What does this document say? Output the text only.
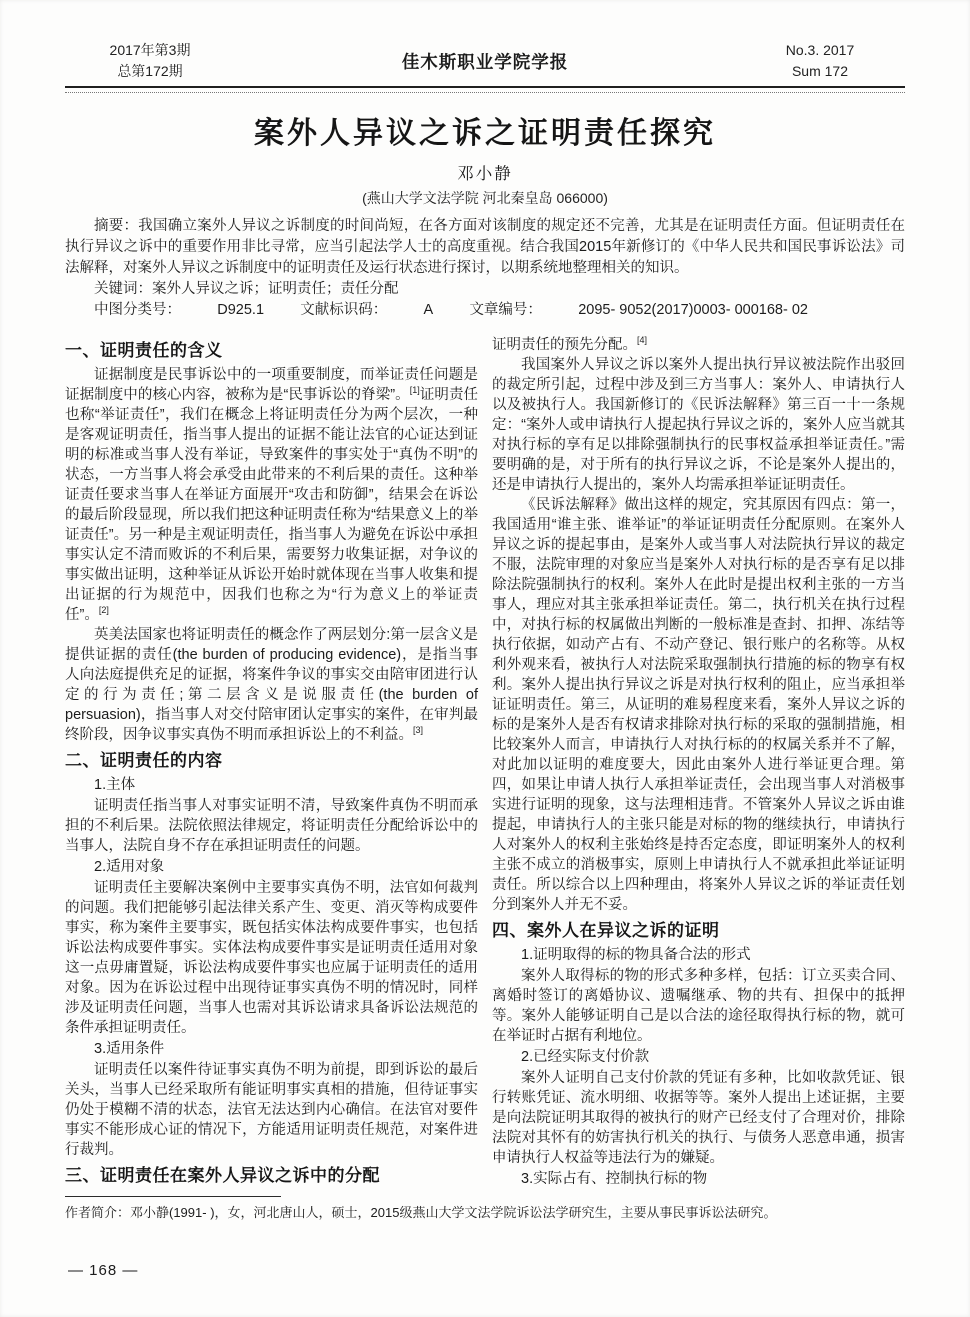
2017年第3期
总第172期	佳木斯职业学院学报
No.3. 2017
Sum 172
案外人异议之诉之证明责任探究
邓小静
(燕山大学文法学院 河北秦皇岛 066000)

摘要：我国确立案外人异议之诉制度的时间尚短，在各方面对该制度的规定还不完善，尤其是在证明责任方面。但证明责任在执行异议之诉中的重要作用非比寻常，应当引起法学人士的高度重视。结合我国2015年新修订的《中华人民共和国民事诉讼法》司法解释，对案外人异议之诉制度中的证明责任及运行状态进行探讨，以期系统地整理相关的知识。

关键词：案外人异议之诉；证明责任；责任分配

中图分类号：	D925.1	文献标识码：	A	文章编号：	2095- 9052(2017)0003- 000168- 02

一、证明责任的含义

证据制度是民事诉讼中的一项重要制度，而举证责任问题是证据制度中的核心内容，被称为是“民事诉讼的脊梁”。[1]证明责任也称“举证责任”，我们在概念上将证明责任分为两个层次，一种是客观证明责任，指当事人提出的证据不能让法官的心证达到证明的标准或当事人没有举证，导致案件的事实处于“真伪不明”的状态，一方当事人将会承受由此带来的不利后果的责任。这种举证责任要求当事人在举证方面展开“攻击和防御”，结果会在诉讼的最后阶段显现，所以我们把这种证明责任称为“结果意义上的举证责任”。另一种是主观证明责任，指当事人为避免在诉讼中承担事实认定不清而败诉的不利后果，需要努力收集证据，对争议的事实做出证明，这种举证从诉讼开始时就体现在当事人收集和提出证据的行为规范中，因我们也称之为“行为意义上的举证责任”。[2]

英美法国家也将证明责任的概念作了两层划分:第一层含义是提供证据的责任(the burden of producing evidence)，是指当事人向法庭提供充足的证据，将案件争议的事实交由陪审团进行认定的行为责任;第二层含义是说服责任(the burden of persuasion)，指当事人对交付陪审团认定事实的案件，在审判最终阶段，因争议事实真伪不明而承担诉讼上的不利益。[3]

二、证明责任的内容
1.主体

证明责任指当事人对事实证明不清，导致案件真伪不明而承担的不利后果。法院依照法律规定，将证明责任分配给诉讼中的当事人，法院自身不存在承担证明责任的问题。

2.适用对象

证明责任主要解决案例中主要事实真伪不明，法官如何裁判的问题。我们把能够引起法律关系产生、变更、消灭等构成要件事实，称为案件主要事实，既包括实体法构成要件事实，也包括诉讼法构成要件事实。实体法构成要件事实是证明责任适用对象这一点毋庸置疑，诉讼法构成要件事实也应属于证明责任的适用对象。因为在诉讼过程中出现待证事实真伪不明的情况时，同样涉及证明责任问题，当事人也需对其诉讼请求具备诉讼法规范的条件承担证明责任。

3.适用条件

证明责任以案件待证事实真伪不明为前提，即到诉讼的最后关头，当事人已经采取所有能证明事实真相的措施，但待证事实仍处于模糊不清的状态，法官无法达到内心确信。在法官对要件事实不能形成心证的情况下，方能适用证明责任规范，对案件进行裁判。

三、证明责任在案外人异议之诉中的分配

证明责任的预先分配。[4]

我国案外人异议之诉以案外人提出执行异议被法院作出驳回的裁定所引起，过程中涉及到三方当事人：案外人、申请执行人以及被执行人。我国新修订的《民诉法解释》第三百一十一条规定：“案外人或申请执行人提起执行异议之诉的，案外人应当就其对执行标的享有足以排除强制执行的民事权益承担举证责任。”需要明确的是，对于所有的执行异议之诉，不论是案外人提出的，还是申请执行人提出的，案外人均需承担举证证明责任。

《民诉法解释》做出这样的规定，究其原因有四点：第一，我国适用“谁主张、谁举证”的举证证明责任分配原则。在案外人异议之诉的提起事由，是案外人或当事人对法院执行异议的裁定不服，法院审理的对象应当是案外人对执行标的是否享有足以排除法院强制执行的权利。案外人在此时是提出权利主张的一方当事人，理应对其主张承担举证责任。第二，执行机关在执行过程中，对执行标的权属做出判断的一般标准是查封、扣押、冻结等执行依据，如动产占有、不动产登记、银行账户的名称等。从权利外观来看，被执行人对法院采取强制执行措施的标的物享有权利。案外人提出执行异议之诉是对执行权利的阻止，应当承担举证证明责任。第三，从证明的难易程度来看，案外人异议之诉的标的是案外人是否有权请求排除对执行标的采取的强制措施，相比较案外人而言，申请执行人对执行标的的权属关系并不了解，对此加以证明的难度要大，因此由案外人进行举证更合理。第四，如果让申请人执行人承担举证责任，会出现当事人对消极事实进行证明的现象，这与法理相违背。不管案外人异议之诉由谁提起，申请执行人的主张只能是对标的物的继续执行，申请执行人对案外人的权利主张始终是持否定态度，即证明案外人的权利主张不成立的消极事实，原则上申请执行人不就承担此举证证明责任。所以综合以上四种理由，将案外人异议之诉的举证责任划分到案外人并无不妥。

四、案外人在异议之诉的证明
1.证明取得的标的物具备合法的形式

案外人取得标的物的形式多种多样，包括：订立买卖合同、离婚时签订的离婚协议、遗嘱继承、物的共有、担保中的抵押等。案外人能够证明自己是以合法的途径取得执行标的物，就可在举证时占据有利地位。

2.已经实际支付价款

案外人证明自己支付价款的凭证有多种，比如收款凭证、银行转账凭证、流水明细、收据等等。案外人提出上述证据，主要是向法院证明其取得的被执行的财产已经支付了合理对价，排除法院对其怀有的妨害执行机关的执行、与债务人恶意串通，损害申请执行人权益等违法行为的嫌疑。

3.实际占有、控制执行标的物

作者简介：邓小静(1991- )，女，河北唐山人，硕士，2015级燕山大学文法学院诉讼法学研究生，主要从事民事诉讼法研究。

— 168 —
